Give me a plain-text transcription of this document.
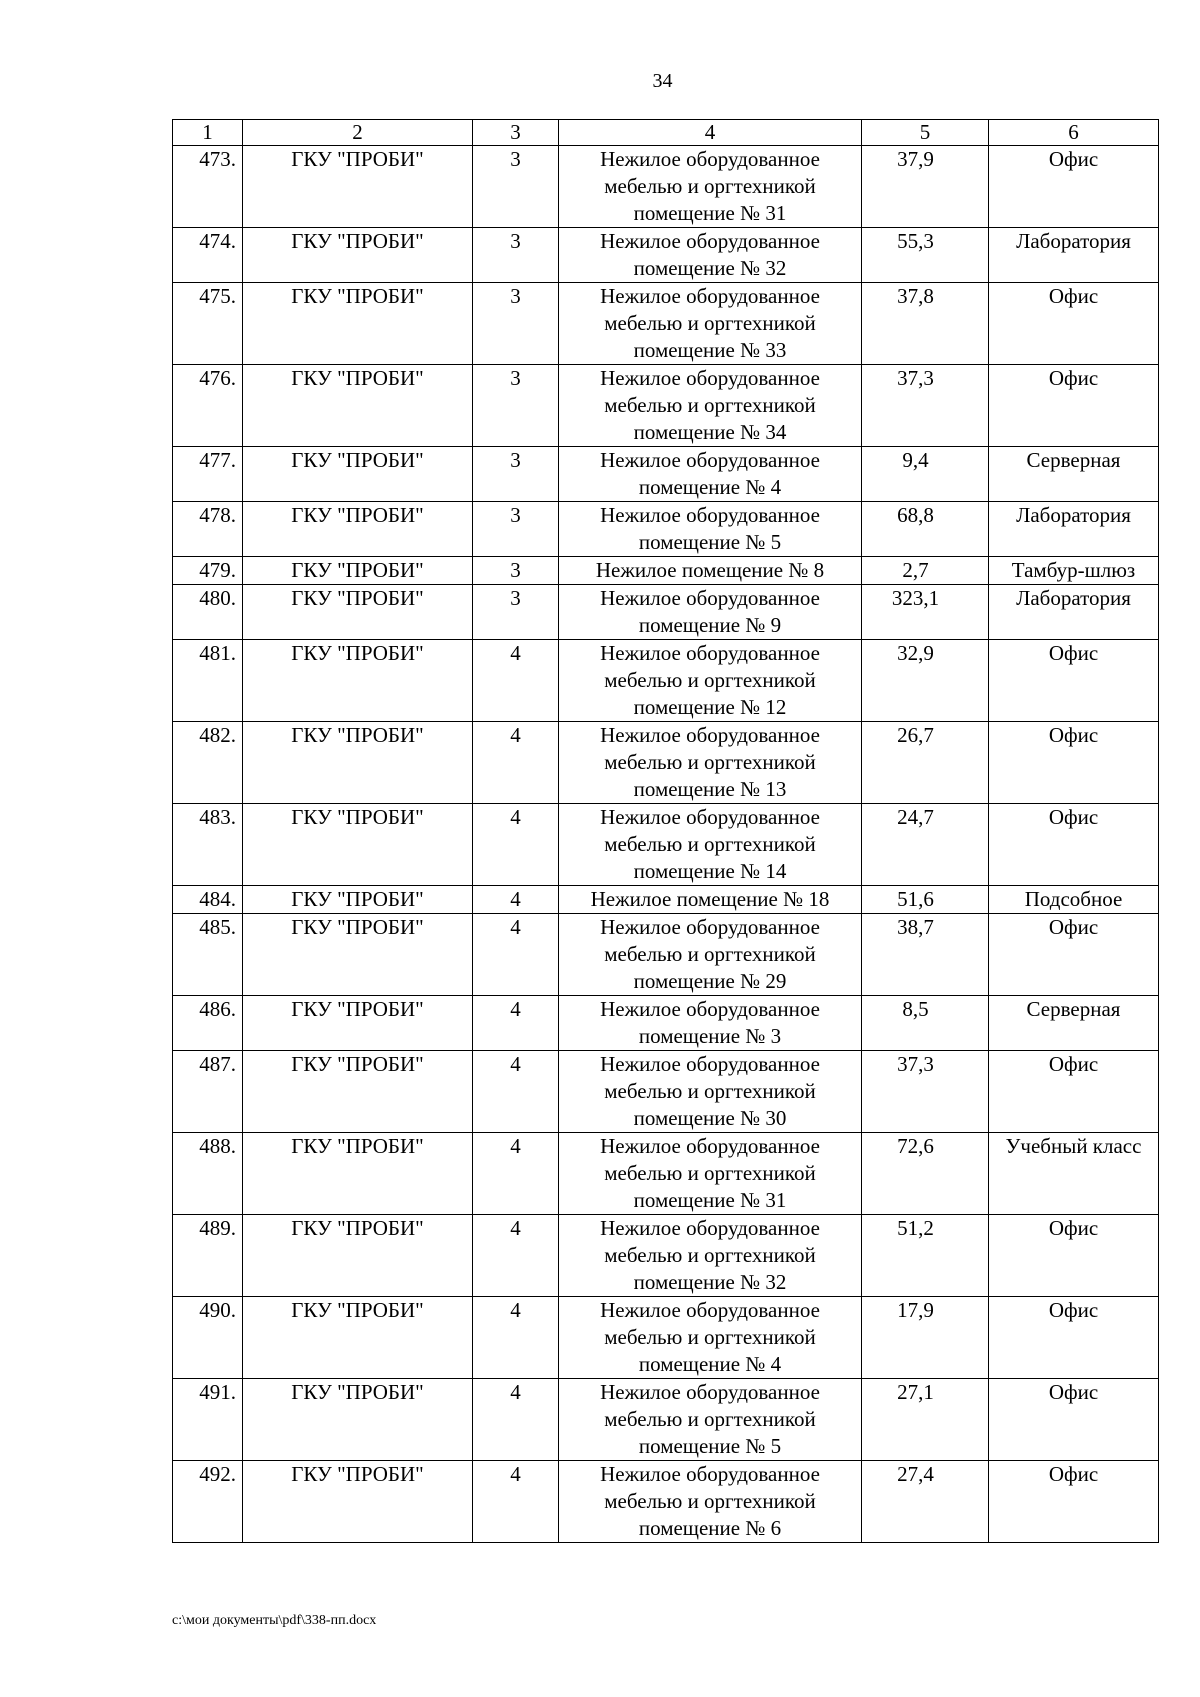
34
1	2	3	4	5	6
473.	ГКУ "ПРОБИ"	3	Нежилое оборудованное
мебелью и оргтехникой
помещение № 31	37,9	Офис
474.	ГКУ "ПРОБИ"	3	Нежилое оборудованное
помещение № 32	55,3	Лаборатория
475.	ГКУ "ПРОБИ"	3	Нежилое оборудованное
мебелью и оргтехникой
помещение № 33	37,8	Офис
476.	ГКУ "ПРОБИ"	3	Нежилое оборудованное
мебелью и оргтехникой
помещение № 34	37,3	Офис
477.	ГКУ "ПРОБИ"	3	Нежилое оборудованное
помещение № 4	9,4	Серверная
478.	ГКУ "ПРОБИ"	3	Нежилое оборудованное
помещение № 5	68,8	Лаборатория
479.	ГКУ "ПРОБИ"	3	Нежилое помещение № 8	2,7	Тамбур-шлюз
480.	ГКУ "ПРОБИ"	3	Нежилое оборудованное
помещение № 9	323,1	Лаборатория
481.	ГКУ "ПРОБИ"	4	Нежилое оборудованное
мебелью и оргтехникой
помещение № 12	32,9	Офис
482.	ГКУ "ПРОБИ"	4	Нежилое оборудованное
мебелью и оргтехникой
помещение № 13	26,7	Офис
483.	ГКУ "ПРОБИ"	4	Нежилое оборудованное
мебелью и оргтехникой
помещение № 14	24,7	Офис
484.	ГКУ "ПРОБИ"	4	Нежилое помещение № 18	51,6	Подсобное
485.	ГКУ "ПРОБИ"	4	Нежилое оборудованное
мебелью и оргтехникой
помещение № 29	38,7	Офис
486.	ГКУ "ПРОБИ"	4	Нежилое оборудованное
помещение № 3	8,5	Серверная
487.	ГКУ "ПРОБИ"	4	Нежилое оборудованное
мебелью и оргтехникой
помещение № 30	37,3	Офис
488.	ГКУ "ПРОБИ"	4	Нежилое оборудованное
мебелью и оргтехникой
помещение № 31	72,6	Учебный класс
489.	ГКУ "ПРОБИ"	4	Нежилое оборудованное
мебелью и оргтехникой
помещение № 32	51,2	Офис
490.	ГКУ "ПРОБИ"	4	Нежилое оборудованное
мебелью и оргтехникой
помещение № 4	17,9	Офис
491.	ГКУ "ПРОБИ"	4	Нежилое оборудованное
мебелью и оргтехникой
помещение № 5	27,1	Офис
492.	ГКУ "ПРОБИ"	4	Нежилое оборудованное
мебелью и оргтехникой
помещение № 6	27,4	Офис
c:\мои документы\pdf\338-пп.docx
